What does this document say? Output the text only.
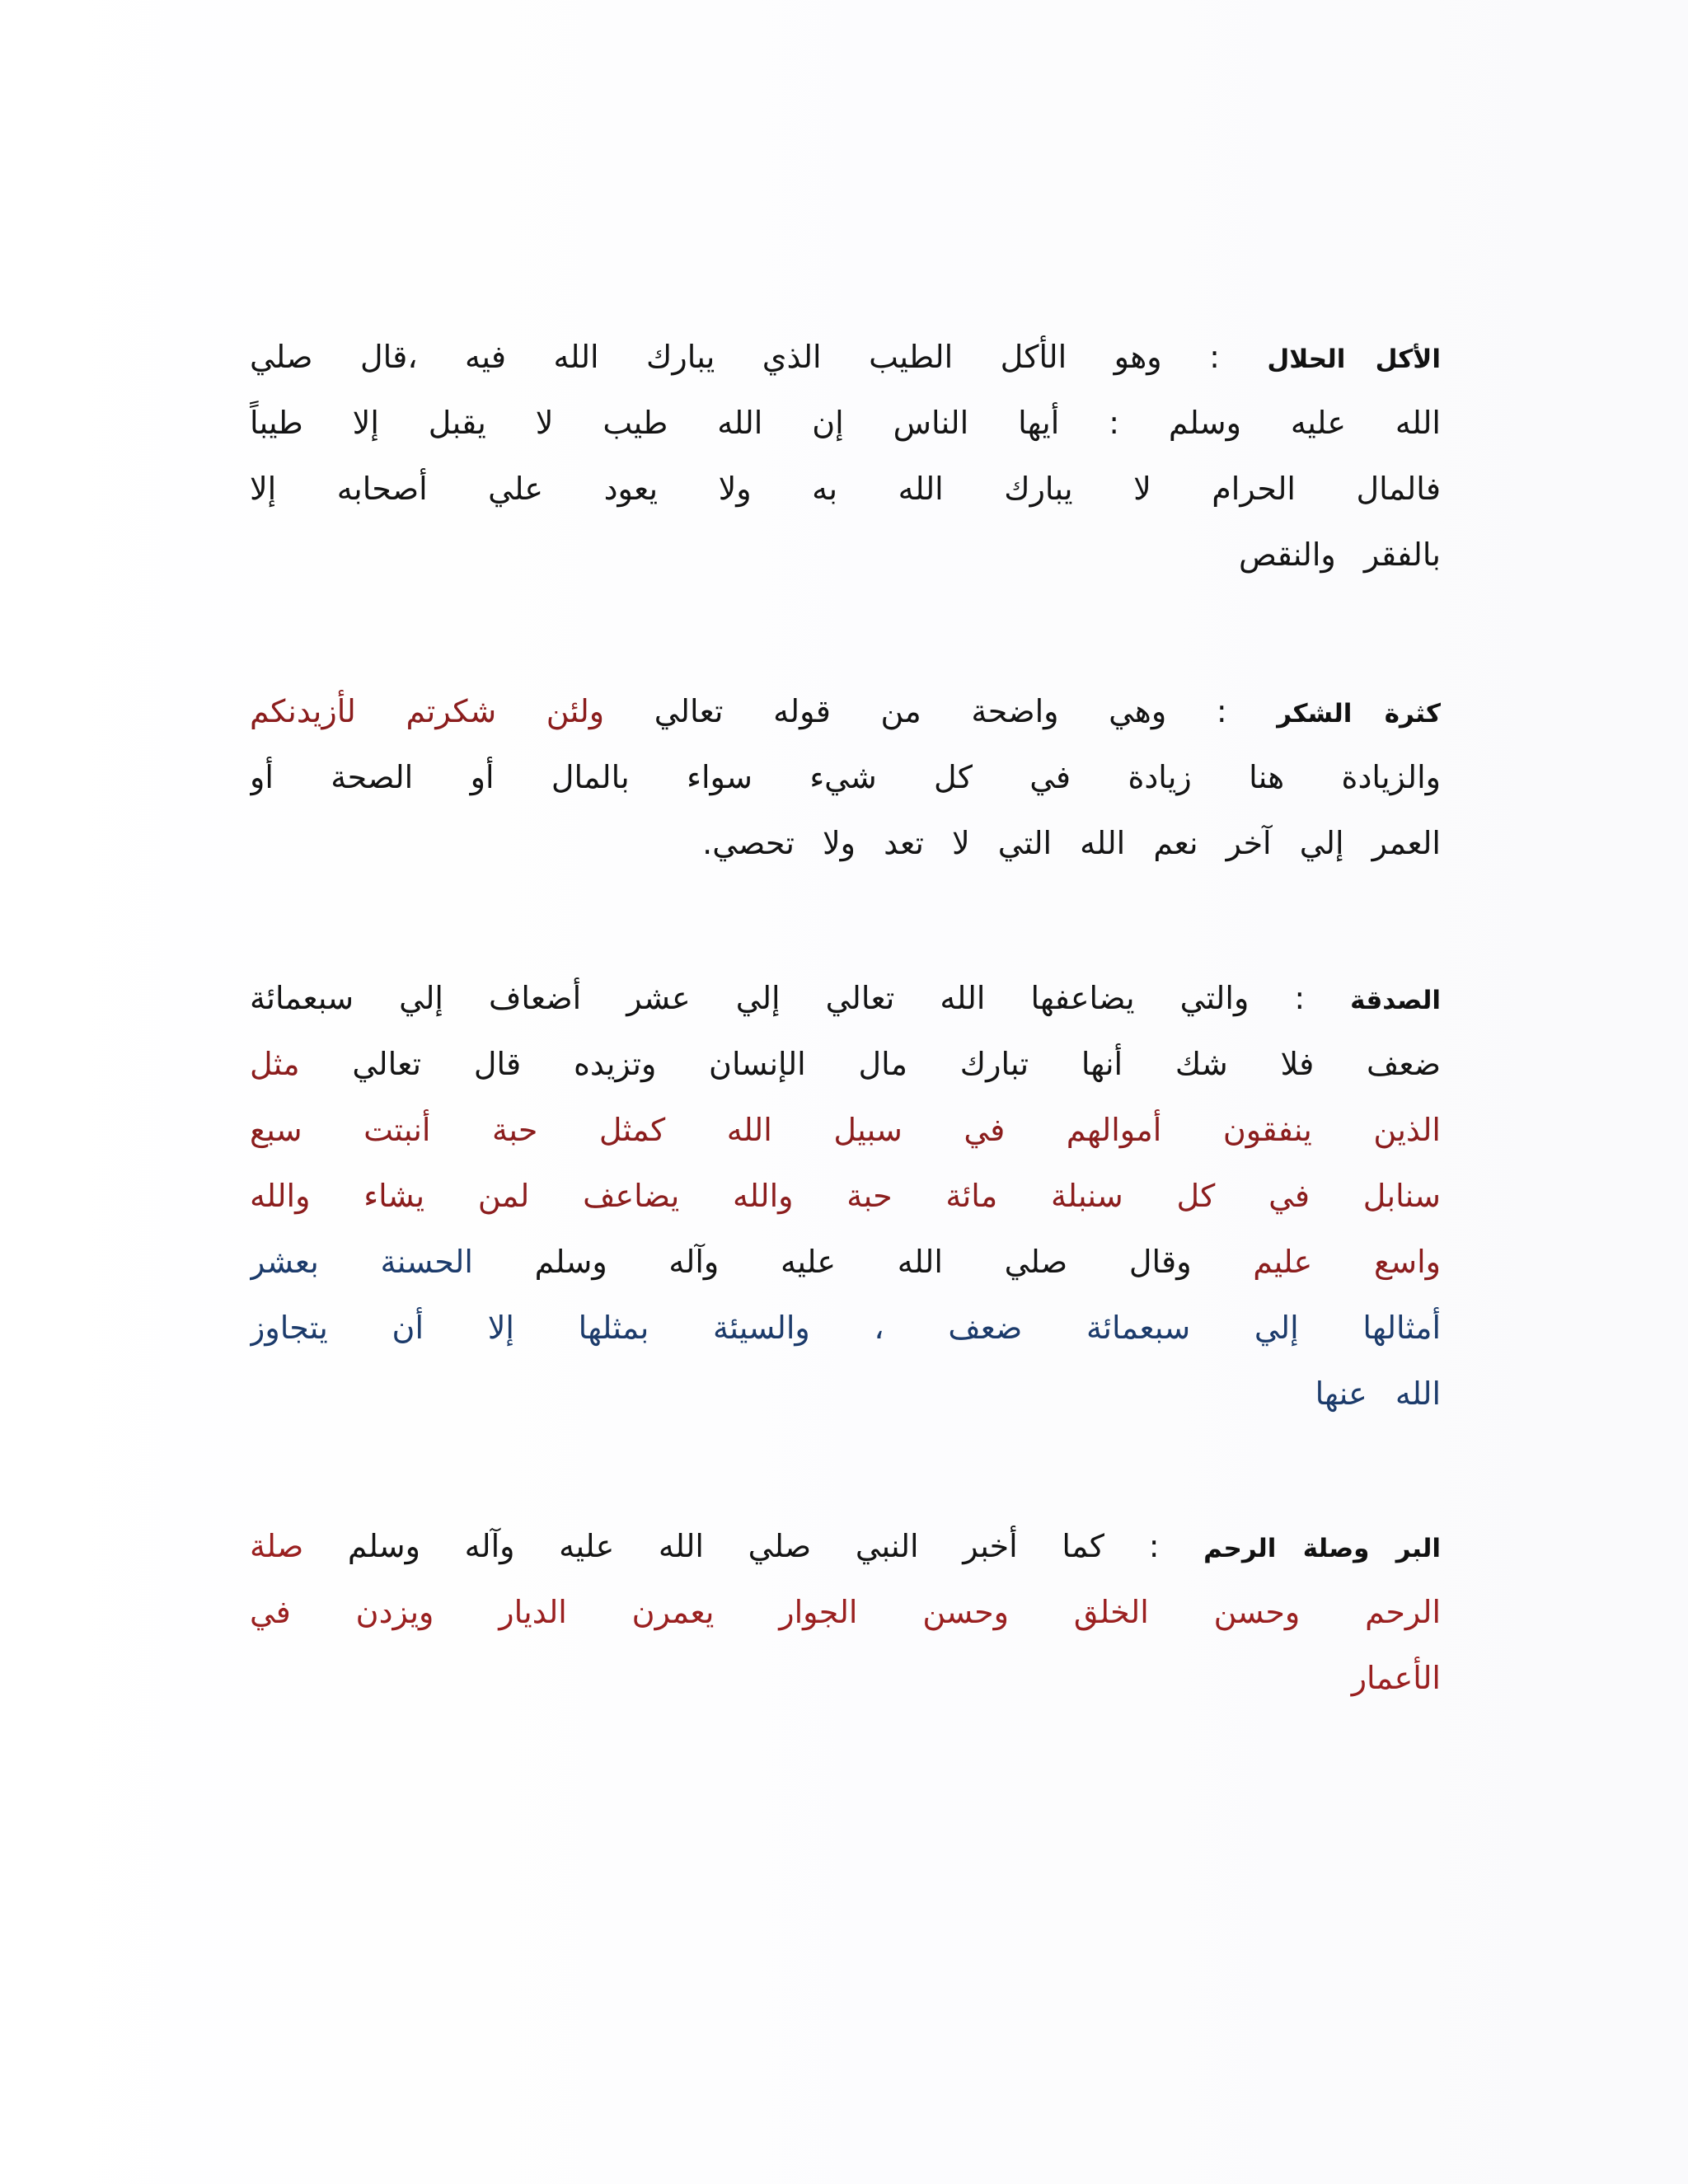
الأكل الحلال : وهو الأكل الطيب الذي يبارك الله فيه ،قال صلي
الله عليه وسلم : أيها الناس إن الله طيب لا يقبل إلا طيباً
فالمال الحرام لا يبارك الله به ولا يعود علي أصحابه إلا
بالفقر والنقص
كثرة الشكر : وهي واضحة من قوله تعالي ولئن شكرتم لأزيدنكم
والزيادة هنا زيادة في كل شيء سواء بالمال أو الصحة أو
العمر إلي آخر نعم الله التي لا تعد ولا تحصي.
الصدقة : والتي يضاعفها الله تعالي إلي عشر أضعاف إلي سبعمائة
ضعف فلا شك أنها تبارك مال الإنسان وتزيده قال تعالي مثل
الذين ينفقون أموالهم في سبيل الله كمثل حبة أنبتت سبع
سنابل في كل سنبلة مائة حبة والله يضاعف لمن يشاء والله
واسع عليم وقال صلي الله عليه وآله وسلم الحسنة بعشر
أمثالها إلي سبعمائة ضعف ، والسيئة بمثلها إلا أن يتجاوز
الله عنها
البر وصلة الرحم : كما أخبر النبي صلي الله عليه وآله وسلم صلة
الرحم وحسن الخلق وحسن الجوار يعمرن الديار ويزدن في
الأعمار
